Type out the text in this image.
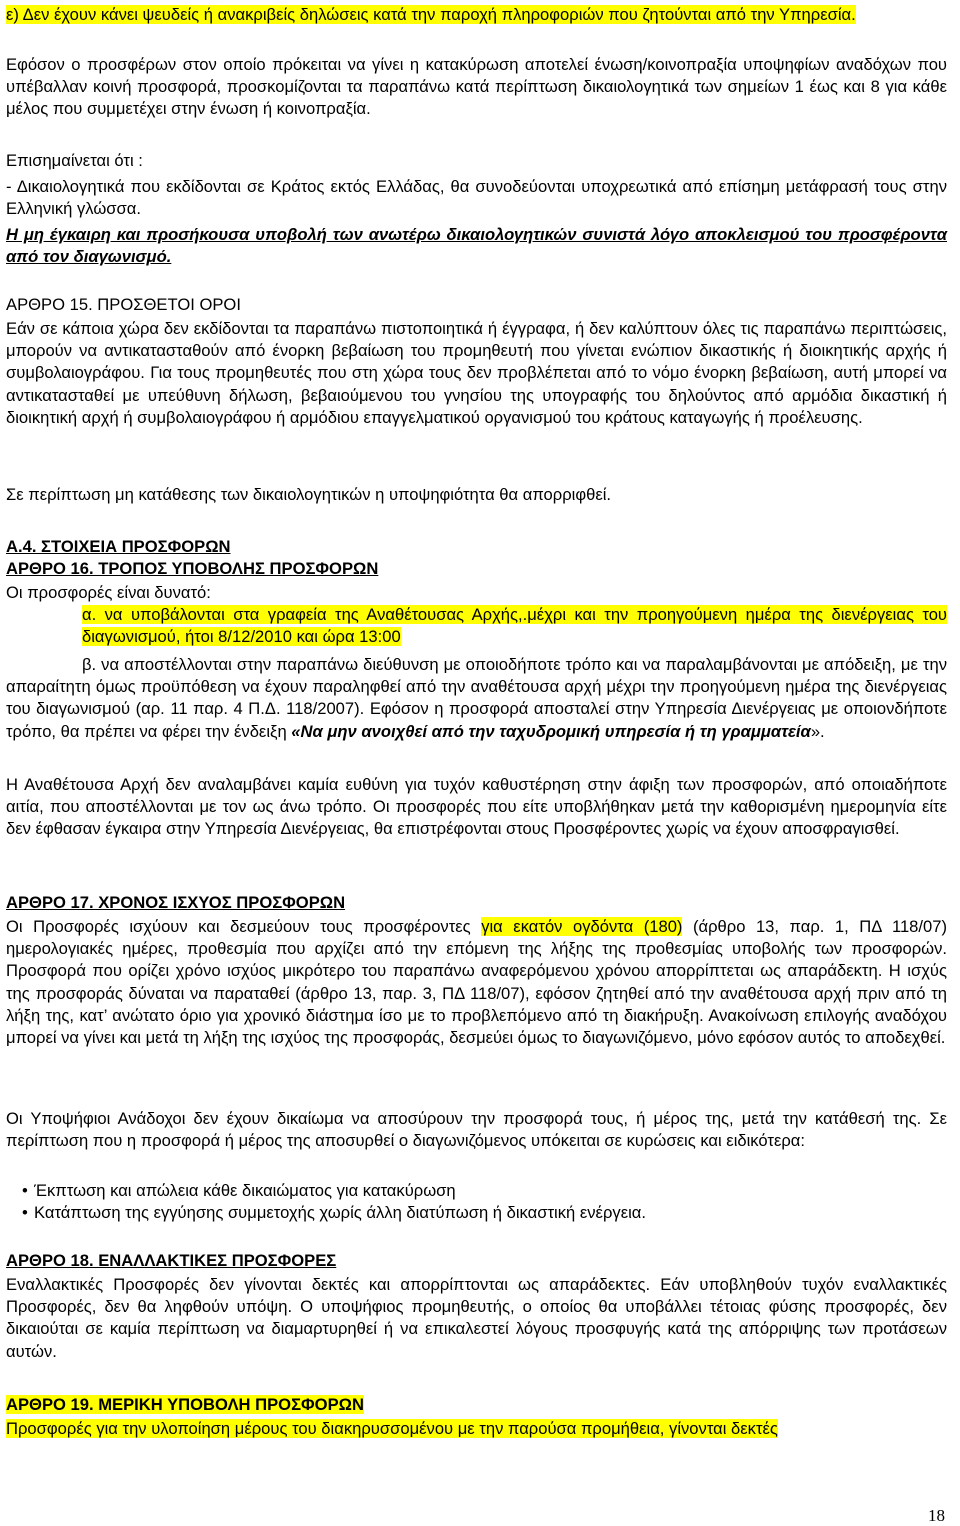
ε) Δεν έχουν κάνει ψευδείς ή ανακριβείς δηλώσεις κατά την παροχή πληροφοριών που ζητούνται από την Υπηρεσία.

Εφόσον ο προσφέρων στον οποίο πρόκειται να γίνει η κατακύρωση αποτελεί ένωση/κοινοπραξία υποψηφίων αναδόχων που υπέβαλλαν κοινή προσφορά, προσκομίζονται τα παραπάνω κατά περίπτωση δικαιολογητικά των σημείων 1 έως και 8 για κάθε μέλος που συμμετέχει στην ένωση ή κοινοπραξία.

Επισημαίνεται ότι :

- Δικαιολογητικά που εκδίδονται σε Κράτος εκτός Ελλάδας, θα συνοδεύονται υποχρεωτικά από επίσημη μετάφρασή τους στην Ελληνική γλώσσα.

Η μη έγκαιρη και προσήκουσα υποβολή των ανωτέρω δικαιολογητικών συνιστά λόγο αποκλεισμού του προσφέροντα από τον διαγωνισμό.

ΑΡΘΡΟ 15. ΠΡΟΣΘΕΤΟΙ ΟΡΟΙ

Εάν σε κάποια χώρα δεν εκδίδονται τα παραπάνω πιστοποιητικά ή έγγραφα, ή δεν καλύπτουν όλες τις παραπάνω περιπτώσεις, μπορούν να αντικατασταθούν από ένορκη βεβαίωση του προμηθευτή που γίνεται ενώπιον δικαστικής ή διοικητικής αρχής ή συμβολαιογράφου. Για τους προμηθευτές που στη χώρα τους δεν προβλέπεται από το νόμο ένορκη βεβαίωση, αυτή μπορεί να αντικατασταθεί με υπεύθυνη δήλωση, βεβαιούμενου του γνησίου της υπογραφής του δηλούντος από αρμόδια δικαστική ή διοικητική αρχή ή συμβολαιογράφου ή αρμόδιου επαγγελματικού οργανισμού του κράτους καταγωγής ή προέλευσης.

Σε περίπτωση μη κατάθεσης των δικαιολογητικών η υποψηφιότητα θα απορριφθεί.

Α.4. ΣΤΟΙΧΕΙΑ ΠΡΟΣΦΟΡΩΝ

ΑΡΘΡΟ 16. ΤΡΟΠΟΣ ΥΠΟΒΟΛΗΣ ΠΡΟΣΦΟΡΩΝ

Οι προσφορές είναι δυνατό:

α. να υποβάλονται στα γραφεία της Αναθέτουσας Αρχής,.μέχρι και την προηγούμενη ημέρα της διενέργειας του διαγωνισμού, ήτοι 8/12/2010 και ώρα 13:00

β. να αποστέλλονται στην παραπάνω διεύθυνση με οποιοδήποτε τρόπο και να παραλαμβάνονται με απόδειξη, με την απαραίτητη όμως προϋπόθεση να έχουν παραληφθεί από την αναθέτουσα αρχή μέχρι την προηγούμενη ημέρα της διενέργειας του διαγωνισμού (αρ. 11 παρ. 4 Π.Δ. 118/2007). Εφόσον η προσφορά αποσταλεί στην Υπηρεσία Διενέργειας με οποιονδήποτε τρόπο, θα πρέπει να φέρει την ένδειξη «Να μην ανοιχθεί από την ταχυδρομική υπηρεσία ή τη γραμματεία».

Η Αναθέτουσα Αρχή δεν αναλαμβάνει καμία ευθύνη για τυχόν καθυστέρηση στην άφιξη των προσφορών, από οποιαδήποτε αιτία, που αποστέλλονται με τον ως άνω τρόπο. Οι προσφορές που είτε υποβλήθηκαν μετά την καθορισμένη ημερομηνία είτε δεν έφθασαν έγκαιρα στην Υπηρεσία Διενέργειας, θα επιστρέφονται στους Προσφέροντες χωρίς να έχουν αποσφραγισθεί.

ΑΡΘΡΟ 17. ΧΡΟΝΟΣ ΙΣΧΥΟΣ ΠΡΟΣΦΟΡΩΝ

Οι Προσφορές ισχύουν και δεσμεύουν τους προσφέροντες για εκατόν ογδόντα (180) (άρθρο 13, παρ. 1, ΠΔ 118/07) ημερολογιακές ημέρες, προθεσμία που αρχίζει από την επόμενη της λήξης της προθεσμίας υποβολής των προσφορών. Προσφορά που ορίζει χρόνο ισχύος μικρότερο του παραπάνω αναφερόμενου χρόνου απορρίπτεται ως απαράδεκτη. Η ισχύς της προσφοράς δύναται να παραταθεί (άρθρο 13, παρ. 3, ΠΔ 118/07), εφόσον ζητηθεί από την αναθέτουσα αρχή πριν από τη λήξη της, κατ’ ανώτατο όριο για χρονικό διάστημα ίσο με το προβλεπόμενο από τη διακήρυξη. Ανακοίνωση επιλογής αναδόχου μπορεί να γίνει και μετά τη λήξη της ισχύος της προσφοράς, δεσμεύει όμως το διαγωνιζόμενο, μόνο εφόσον αυτός το αποδεχθεί.

Οι Υποψήφιοι Ανάδοχοι δεν έχουν δικαίωμα να αποσύρουν την προσφορά τους, ή μέρος της, μετά την κατάθεσή της. Σε περίπτωση που η προσφορά ή μέρος της αποσυρθεί ο διαγωνιζόμενος υπόκειται σε κυρώσεις και ειδικότερα:

• Έκπτωση και απώλεια κάθε δικαιώματος για κατακύρωση
• Κατάπτωση της εγγύησης συμμετοχής χωρίς άλλη διατύπωση ή δικαστική ενέργεια.

ΑΡΘΡΟ 18. ΕΝΑΛΛΑΚΤΙΚΕΣ ΠΡΟΣΦΟΡΕΣ

Εναλλακτικές Προσφορές δεν γίνονται δεκτές και απορρίπτονται ως απαράδεκτες. Εάν υποβληθούν τυχόν εναλλακτικές Προσφορές, δεν θα ληφθούν υπόψη. Ο υποψήφιος προμηθευτής, ο οποίος θα υποβάλλει τέτοιας φύσης προσφορές, δεν δικαιούται σε καμία περίπτωση να διαμαρτυρηθεί ή να επικαλεστεί λόγους προσφυγής κατά της απόρριψης των προτάσεων αυτών.

ΑΡΘΡΟ 19. ΜΕΡΙΚΗ ΥΠΟΒΟΛΗ ΠΡΟΣΦΟΡΩΝ

Προσφορές για την υλοποίηση μέρους του διακηρυσσομένου με την παρούσα προμήθεια, γίνονται δεκτές

18
